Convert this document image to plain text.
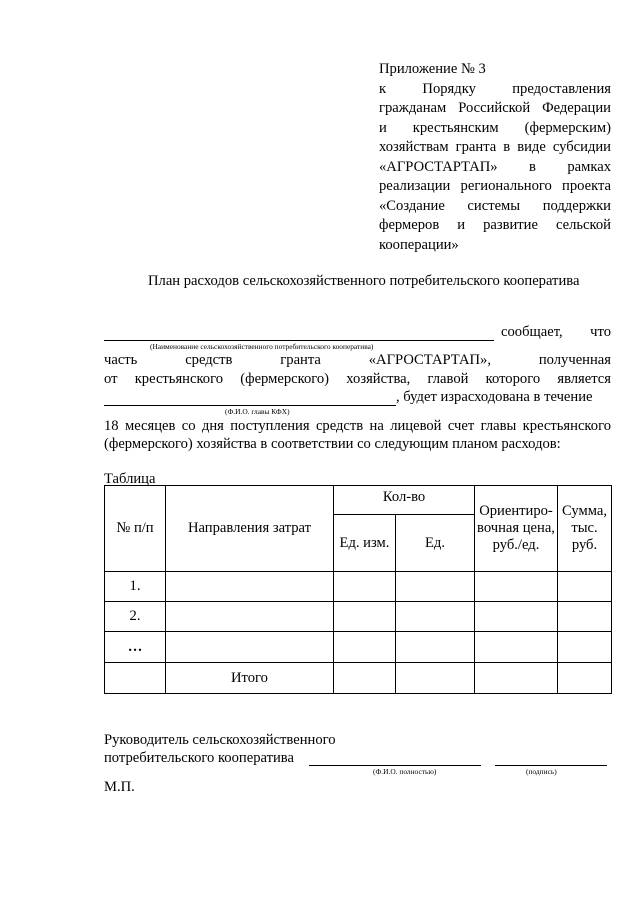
Приложение № 3
к Порядку предоставления
гражданам Российской Федерации
и крестьянским (фермерским)
хозяйствам гранта в виде субсидии
«АГРОСТАРТАП» в рамках
реализации регионального проекта
«Создание системы поддержки
фермеров и развитие сельской
кооперации»
План расходов сельскохозяйственного потребительского кооператива
сообщает, что
(Наименование сельскохозяйственного потребительского кооператива)
часть средств гранта «АГРОСТАРТАП», полученная
от крестьянского (фермерского) хозяйства, главой которого является
, будет израсходована в течение
(Ф.И.О. главы КФХ)
18 месяцев со дня поступления средств на лицевой счет главы крестьянского
(фермерского) хозяйства в соответствии со следующим планом расходов:
Таблица
№ п/п	Направления затрат	Кол-во		Ориентиро-вочная цена, руб./ед.	Сумма, тыс. руб.
		Ед. изм.	Ед.		
1.					
2.					
…					
	Итого				
Руководитель сельскохозяйственного
потребительского кооператива
(Ф.И.О. полностью)	(подпись)
М.П.
